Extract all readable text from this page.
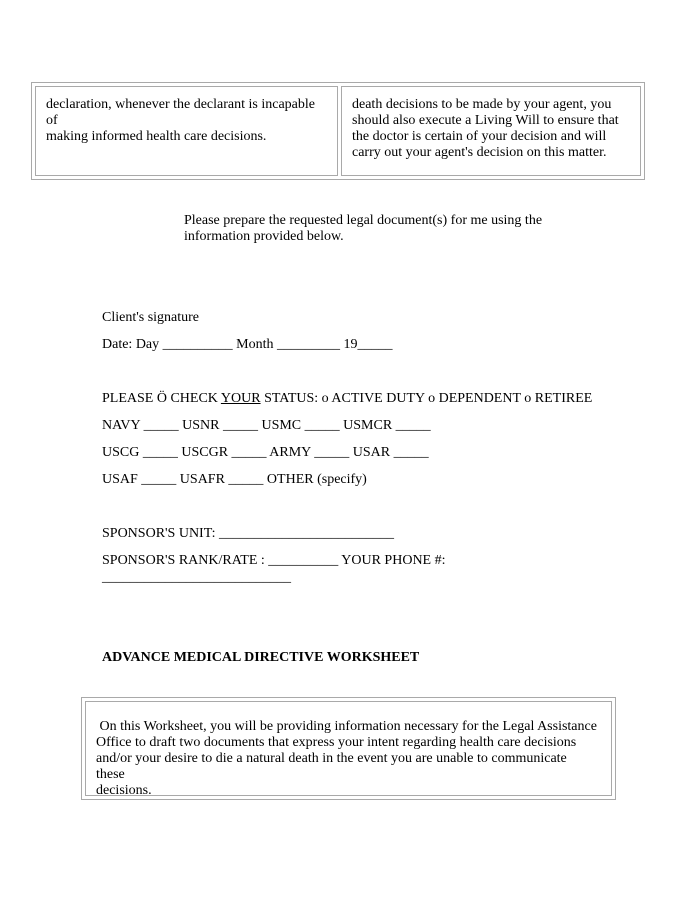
declaration, whenever the declarant is incapable of
making informed health care decisions.
death decisions to be made by your agent, you
should also execute a Living Will to ensure that
the doctor is certain of your decision and will
carry out your agent's decision on this matter.
Please prepare the requested legal document(s) for me using the
information provided below.
Client's signature
Date: Day __________ Month _________ 19_____
PLEASE Ö CHECK YOUR STATUS: o ACTIVE DUTY o DEPENDENT o RETIREE
NAVY _____ USNR _____ USMC _____ USMCR _____
USCG _____ USCGR _____ ARMY _____ USAR _____
USAF _____ USAFR _____ OTHER (specify)
SPONSOR'S UNIT: _________________________
SPONSOR'S RANK/RATE : __________ YOUR PHONE #:
___________________________
ADVANCE MEDICAL DIRECTIVE WORKSHEET
On this Worksheet, you will be providing information necessary for the Legal Assistance
Office to draft two documents that express your intent regarding health care decisions
and/or your desire to die a natural death in the event you are unable to communicate these
decisions.
